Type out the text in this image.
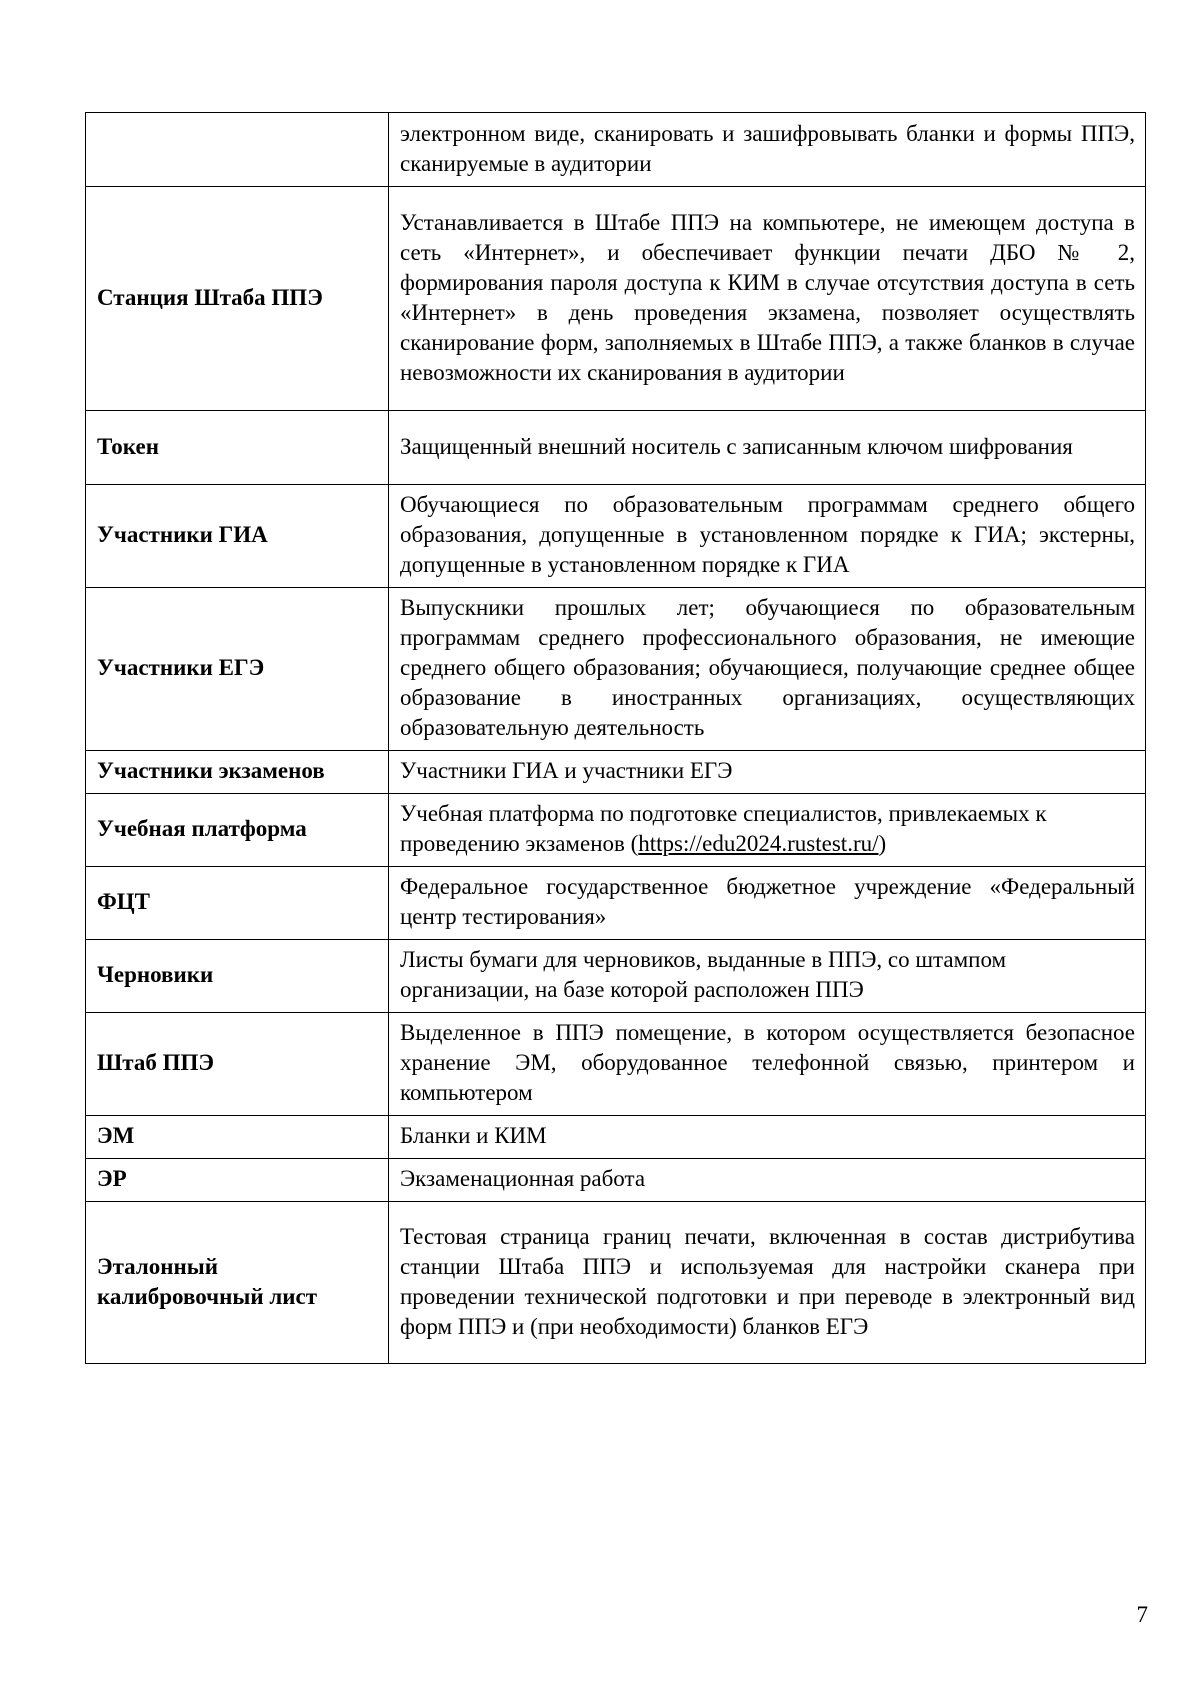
	электронном виде, сканировать и зашифровывать бланки и формы ППЭ, сканируемые в аудитории
Станция Штаба ППЭ	Устанавливается в Штабе ППЭ на компьютере, не имеющем доступа в сеть «Интернет», и обеспечивает функции печати ДБО № 2, формирования пароля доступа к КИМ в случае отсутствия доступа в сеть «Интернет» в день проведения экзамена, позволяет осуществлять сканирование форм, заполняемых в Штабе ППЭ, а также бланков в случае невозможности их сканирования в аудитории
Токен	Защищенный внешний носитель с записанным ключом шифрования
Участники ГИА	Обучающиеся по образовательным программам среднего общего образования, допущенные в установленном порядке к ГИА; экстерны, допущенные в установленном порядке к ГИА
Участники ЕГЭ	Выпускники прошлых лет; обучающиеся по образовательным программам среднего профессионального образования, не имеющие среднего общего образования; обучающиеся, получающие среднее общее образование в иностранных организациях, осуществляющих образовательную деятельность
Участники экзаменов	Участники ГИА и участники ЕГЭ
Учебная платформа	Учебная платформа по подготовке специалистов, привлекаемых к проведению экзаменов (https://edu2024.rustest.ru/)
ФЦТ	Федеральное государственное бюджетное учреждение «Федеральный центр тестирования»
Черновики	Листы бумаги для черновиков, выданные в ППЭ, со штампом организации, на базе которой расположен ППЭ
Штаб ППЭ	Выделенное в ППЭ помещение, в котором осуществляется безопасное хранение ЭМ, оборудованное телефонной связью, принтером и компьютером
ЭМ	Бланки и КИМ
ЭР	Экзаменационная работа
Эталонный калибровочный лист	Тестовая страница границ печати, включенная в состав дистрибутива станции Штаба ППЭ и используемая для настройки сканера при проведении технической подготовки и при переводе в электронный вид форм ППЭ и (при необходимости) бланков ЕГЭ
7
